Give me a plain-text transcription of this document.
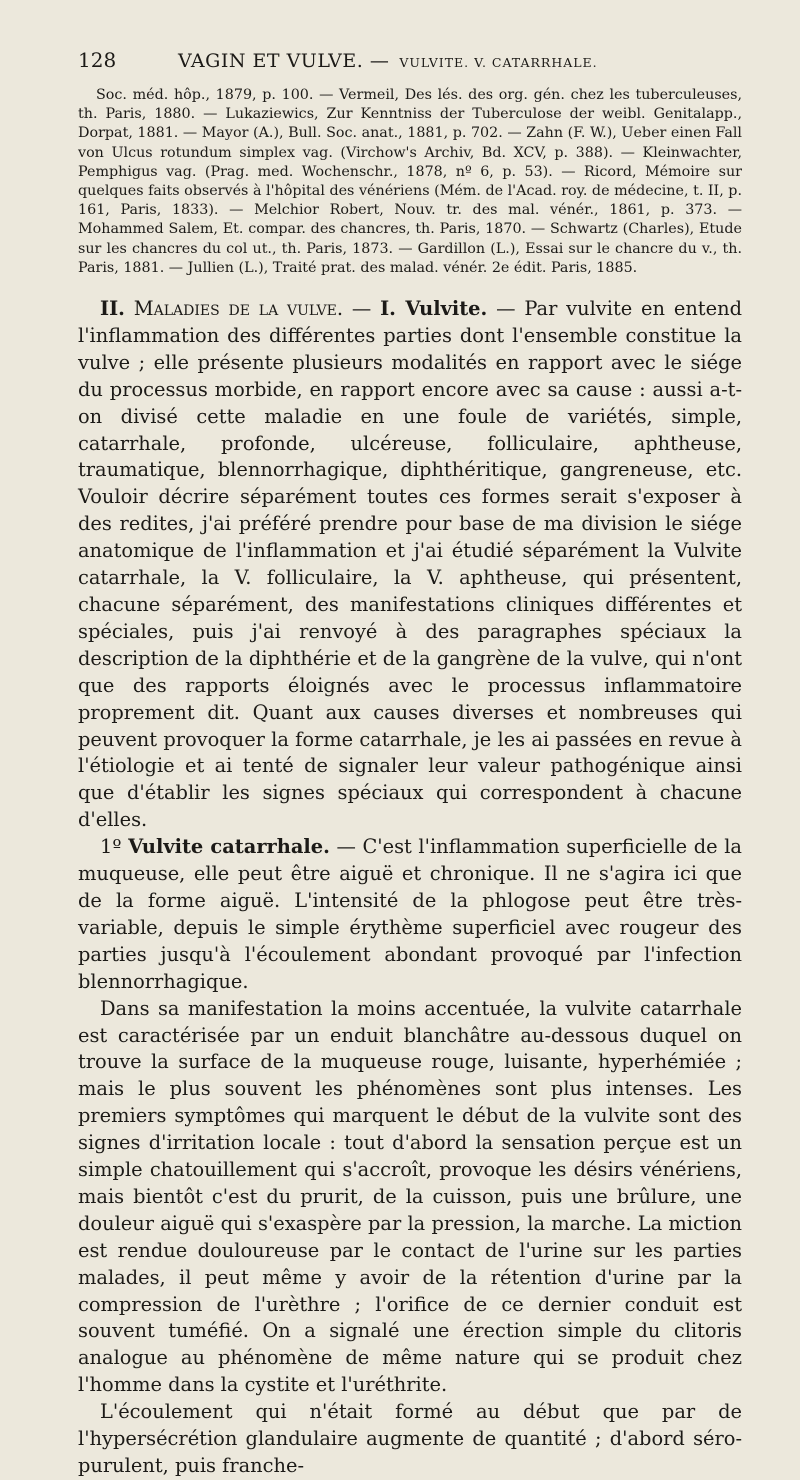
128	VAGIN ET VULVE. — VULVITE. V. CATARRHALE.

Soc. méd. hôp., 1879, p. 100. — Vermeil, Des lés. des org. gén. chez les tuberculeuses, th. Paris, 1880. — Lukaziewics, Zur Kenntniss der Tuberculose der weibl. Genitalapp., Dorpat, 1881. — Mayor (A.), Bull. Soc. anat., 1881, p. 702. — Zahn (F. W.), Ueber einen Fall von Ulcus rotundum simplex vag. (Virchow's Archiv, Bd. XCV, p. 388). — Kleinwachter, Pemphigus vag. (Prag. med. Wochenschr., 1878, nº 6, p. 53). — Ricord, Mémoire sur quelques faits observés à l'hôpital des vénériens (Mém. de l'Acad. roy. de médecine, t. II, p. 161, Paris, 1833). — Melchior Robert, Nouv. tr. des mal. vénér., 1861, p. 373. — Mohammed Salem, Et. compar. des chancres, th. Paris, 1870. — Schwartz (Charles), Etude sur les chancres du col ut., th. Paris, 1873. — Gardillon (L.), Essai sur le chancre du v., th. Paris, 1881. — Jullien (L.), Traité prat. des malad. vénér. 2e édit. Paris, 1885.

II. Maladies de la vulve. — I. Vulvite. — Par vulvite en entend l'inflammation des différentes parties dont l'ensemble constitue la vulve ; elle présente plusieurs modalités en rapport avec le siége du processus morbide, en rapport encore avec sa cause : aussi a-t-on divisé cette maladie en une foule de variétés, simple, catarrhale, profonde, ulcéreuse, folliculaire, aphtheuse, traumatique, blennorrhagique, diphthéritique, gangreneuse, etc. Vouloir décrire séparément toutes ces formes serait s'exposer à des redites, j'ai préféré prendre pour base de ma division le siége anatomique de l'inflammation et j'ai étudié séparément la Vulvite catarrhale, la V. folliculaire, la V. aphtheuse, qui présentent, chacune séparément, des manifestations cliniques différentes et spéciales, puis j'ai renvoyé à des paragraphes spéciaux la description de la diphthérie et de la gangrène de la vulve, qui n'ont que des rapports éloignés avec le processus inflammatoire proprement dit. Quant aux causes diverses et nombreuses qui peuvent provoquer la forme catarrhale, je les ai passées en revue à l'étiologie et ai tenté de signaler leur valeur pathogénique ainsi que d'établir les signes spéciaux qui correspondent à chacune d'elles.

1º Vulvite catarrhale. — C'est l'inflammation superficielle de la muqueuse, elle peut être aiguë et chronique. Il ne s'agira ici que de la forme aiguë. L'intensité de la phlogose peut être très-variable, depuis le simple érythème superficiel avec rougeur des parties jusqu'à l'écoulement abondant provoqué par l'infection blennorrhagique.

Dans sa manifestation la moins accentuée, la vulvite catarrhale est caractérisée par un enduit blanchâtre au-dessous duquel on trouve la surface de la muqueuse rouge, luisante, hyperhémiée ; mais le plus souvent les phénomènes sont plus intenses. Les premiers symptômes qui marquent le début de la vulvite sont des signes d'irritation locale : tout d'abord la sensation perçue est un simple chatouillement qui s'accroît, provoque les désirs vénériens, mais bientôt c'est du prurit, de la cuisson, puis une brûlure, une douleur aiguë qui s'exaspère par la pression, la marche. La miction est rendue douloureuse par le contact de l'urine sur les parties malades, il peut même y avoir de la rétention d'urine par la compression de l'urèthre ; l'orifice de ce dernier conduit est souvent tuméfié. On a signalé une érection simple du clitoris analogue au phénomène de même nature qui se produit chez l'homme dans la cystite et l'uréthrite.

L'écoulement qui n'était formé au début que par de l'hypersécrétion glandulaire augmente de quantité ; d'abord séro-purulent, puis franche-
